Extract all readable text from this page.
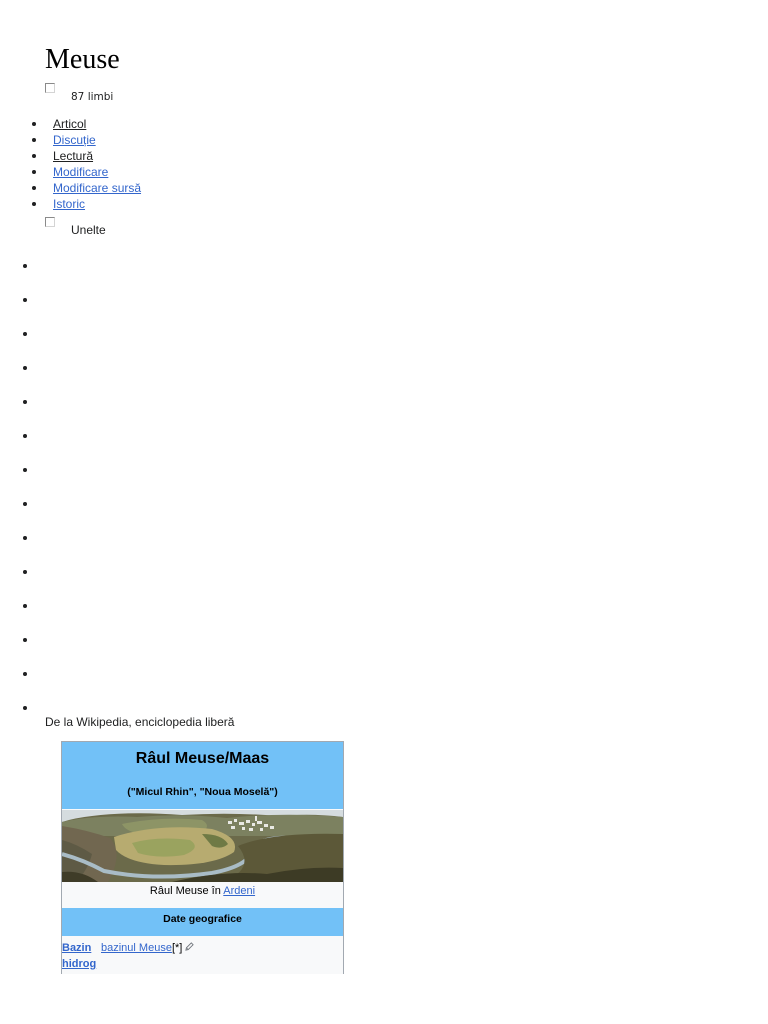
Meuse
87 limbi
Articol
Discuție
Lectură
Modificare
Modificare sursă
Istoric
Unelte
De la Wikipedia, enciclopedia liberă
Râul Meuse/Maas
("Micul Rhin", "Noua Moselă")
Râul Meuse în Ardeni
Date geografice
Bazin hidrog
bazinul Meuse[*]
